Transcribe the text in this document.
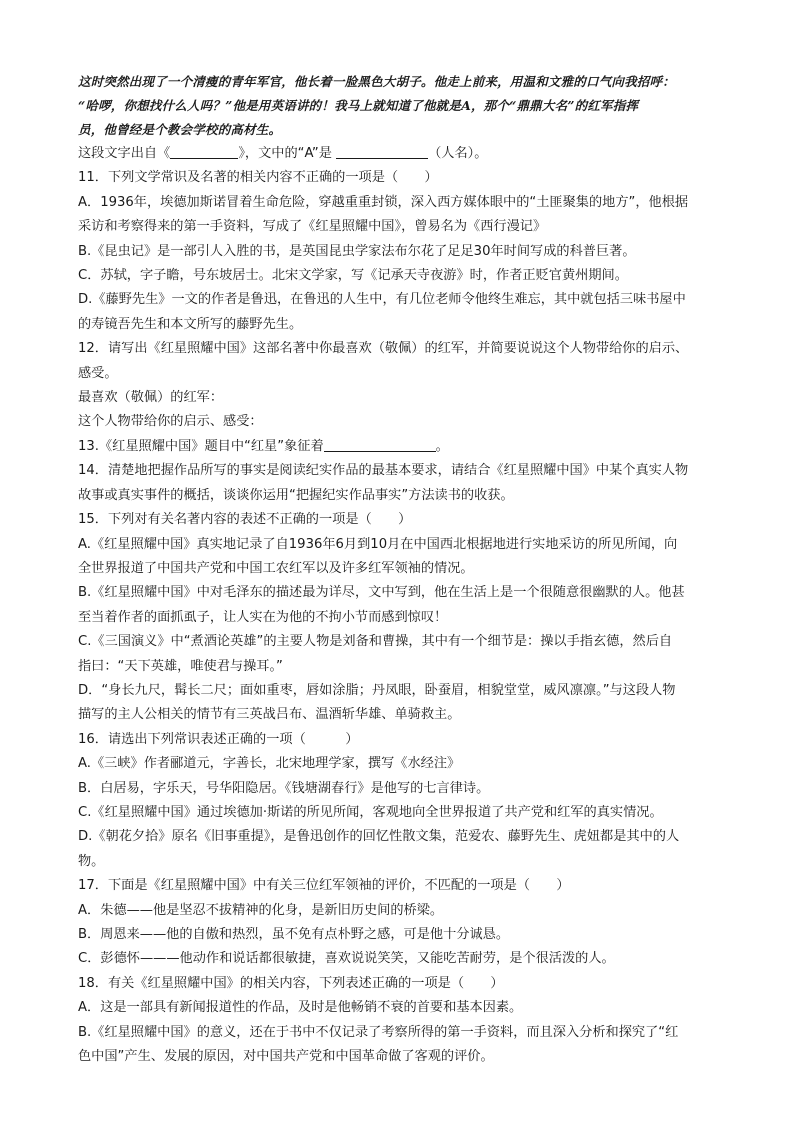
这时突然出现了一个清瘦的青年军官，他长着一脸黑色大胡子。他走上前来，用温和文雅的口气向我招呼：
“哈啰，你想找什么人吗？”他是用英语讲的！我马上就知道了他就是A，那个“鼎鼎大名”的红军指挥
员，他曾经是个教会学校的高材生。
这段文字出自《	》，文中的“A”是	（人名）。
11．下列文学常识及名著的相关内容不正确的一项是（　　）
A．1936年，埃德加斯诺冒着生命危险，穿越重重封锁，深入西方媒体眼中的“土匪聚集的地方”，他根据
采访和考察得来的第一手资料，写成了《红星照耀中国》，曾易名为《西行漫记》
B.《昆虫记》是一部引人入胜的书，是英国昆虫学家法布尔花了足足30年时间写成的科普巨著。
C．苏轼，字子瞻，号东坡居士。北宋文学家，写《记承天寺夜游》时，作者正贬官黄州期间。
D.《藤野先生》一文的作者是鲁迅，在鲁迅的人生中，有几位老师令他终生难忘，其中就包括三味书屋中
的寿镜吾先生和本文所写的藤野先生。
12．请写出《红星照耀中国》这部名著中你最喜欢（敬佩）的红军，并简要说说这个人物带给你的启示、
感受。
最喜欢（敬佩）的红军：
这个人物带给你的启示、感受：
13.《红星照耀中国》题目中“红星”象征着	。
14．清楚地把握作品所写的事实是阅读纪实作品的最基本要求，请结合《红星照耀中国》中某个真实人物
故事或真实事件的概括，谈谈你运用“把握纪实作品事实”方法读书的收获。
15．下列对有关名著内容的表述不正确的一项是（　　）
A.《红星照耀中国》真实地记录了自1936年6月到10月在中国西北根据地进行实地采访的所见所闻，向
全世界报道了中国共产党和中国工农红军以及许多红军领袖的情况。
B.《红星照耀中国》中对毛泽东的描述最为详尽，文中写到，他在生活上是一个很随意很幽默的人。他甚
至当着作者的面抓虱子，让人实在为他的不拘小节而感到惊叹！
C.《三国演义》中“煮酒论英雄”的主要人物是刘备和曹操，其中有一个细节是：操以手指玄德，然后自
指曰：“天下英雄，唯使君与操耳。”
D．“身长九尺，髯长二尺；面如重枣，唇如涂脂；丹凤眼，卧蚕眉，相貌堂堂，威风凛凛。”与这段人物
描写的主人公相关的情节有三英战吕布、温酒斩华雄、单骑救主。
16．请选出下列常识表述正确的一项（　　　）
A.《三峡》作者郦道元，字善长，北宋地理学家，撰写《水经注》
B．白居易，字乐天，号华阳隐居。《钱塘湖春行》是他写的七言律诗。
C.《红星照耀中国》通过埃德加·斯诺的所见所闻，客观地向全世界报道了共产党和红军的真实情况。
D.《朝花夕拾》原名《旧事重提》，是鲁迅创作的回忆性散文集，范爱农、藤野先生、虎妞都是其中的人
物。
17．下面是《红星照耀中国》中有关三位红军领袖的评价，不匹配的一项是（　　）
A．朱德——他是坚忍不拔精神的化身，是新旧历史间的桥梁。
B．周恩来——他的自傲和热烈，虽不免有点朴野之感，可是他十分诚恳。
C．彭德怀———他动作和说话都很敏捷，喜欢说说笑笑，又能吃苦耐劳，是个很活泼的人。
18．有关《红星照耀中国》的相关内容，下列表述正确的一项是（　　）
A．这是一部具有新闻报道性的作品，及时是他畅销不衰的首要和基本因素。
B.《红星照耀中国》的意义，还在于书中不仅记录了考察所得的第一手资料，而且深入分析和探究了“红
色中国”产生、发展的原因，对中国共产党和中国革命做了客观的评价。
